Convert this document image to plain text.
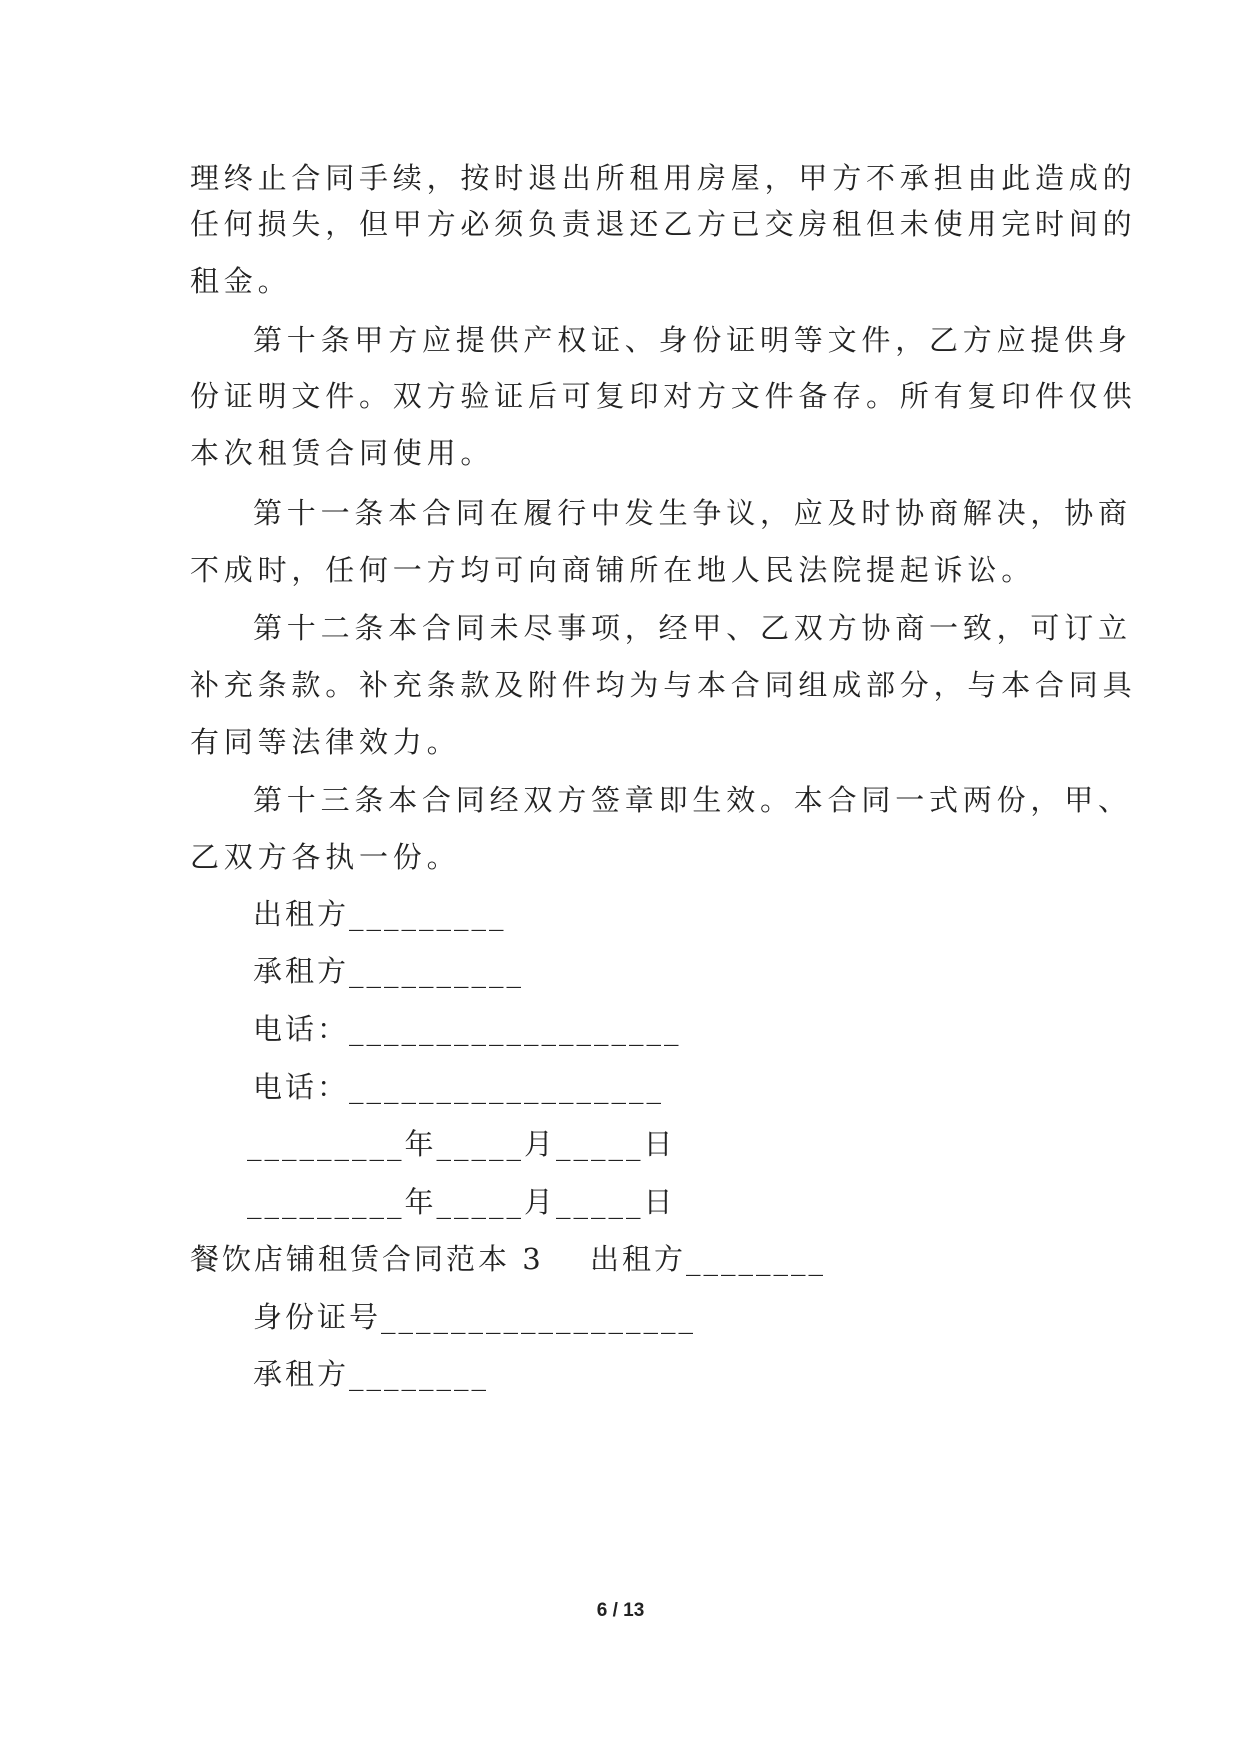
理终止合同手续，按时退出所租用房屋，甲方不承担由此造成的
任何损失，但甲方必须负责退还乙方已交房租但未使用完时间的
租金。
第十条甲方应提供产权证、身份证明等文件，乙方应提供身
份证明文件。双方验证后可复印对方文件备存。所有复印件仅供
本次租赁合同使用。
第十一条本合同在履行中发生争议，应及时协商解决，协商
不成时，任何一方均可向商铺所在地人民法院提起诉讼。
第十二条本合同未尽事项，经甲、乙双方协商一致，可订立
补充条款。补充条款及附件均为与本合同组成部分，与本合同具
有同等法律效力。
第十三条本合同经双方签章即生效。本合同一式两份，甲、
乙双方各执一份。
出租方_________
承租方__________
电话：___________________
电话：__________________
_________年_____月_____日
_________年_____月_____日
餐饮店铺租赁合同范本 3 出租方________
身份证号__________________
承租方________
6 / 13
